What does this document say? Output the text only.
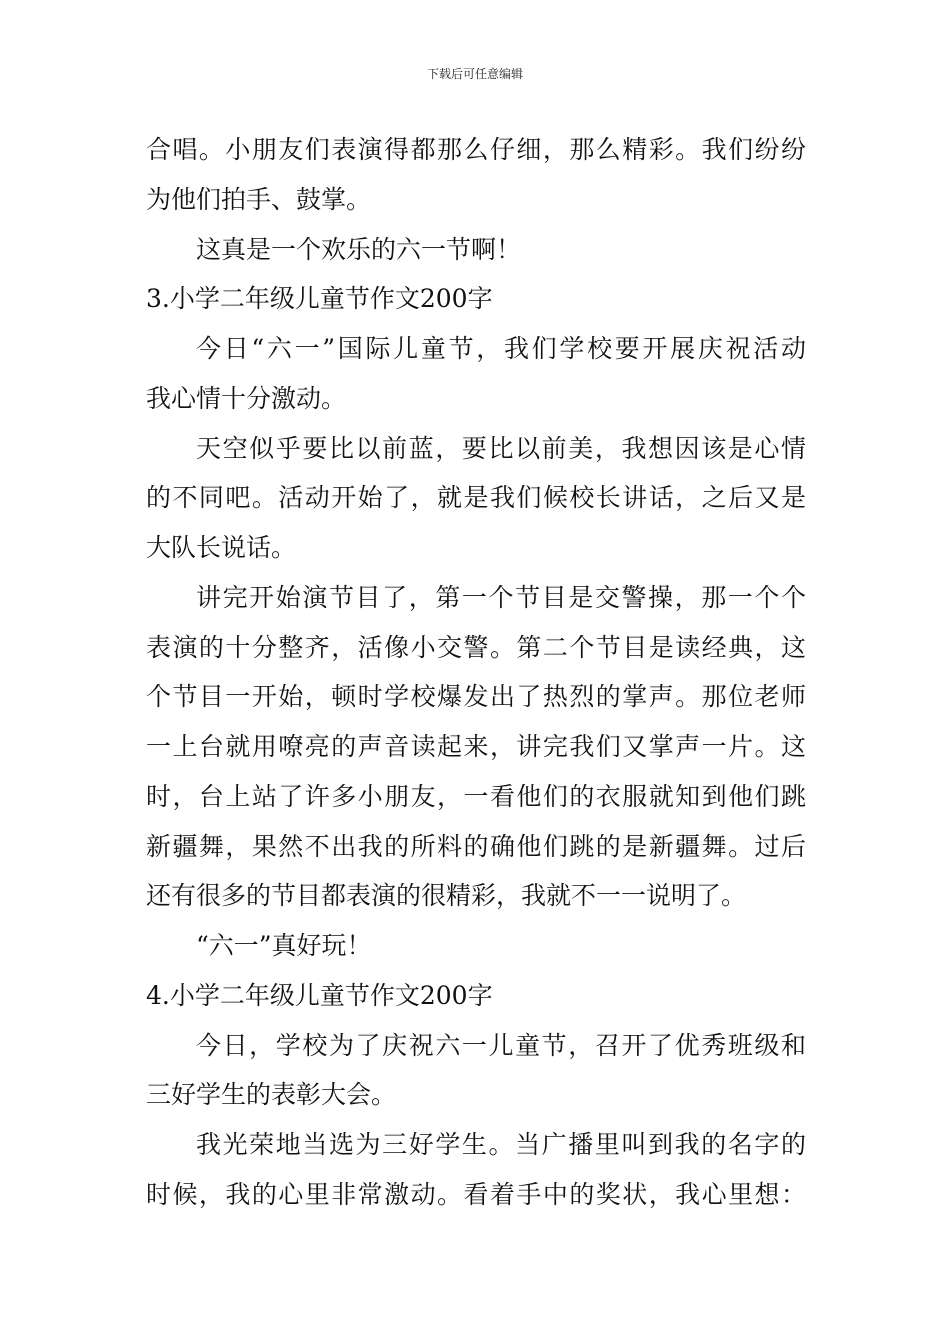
下载后可任意编辑
合唱。小朋友们表演得都那么仔细，那么精彩。我们纷纷
为他们拍手、鼓掌。
这真是一个欢乐的六一节啊！
3.小学二年级儿童节作文200字
今日“六一”国际儿童节，我们学校要开展庆祝活动
我心情十分激动。
天空似乎要比以前蓝，要比以前美，我想因该是心情
的不同吧。活动开始了，就是我们候校长讲话，之后又是
大队长说话。
讲完开始演节目了，第一个节目是交警操，那一个个
表演的十分整齐，活像小交警。第二个节目是读经典，这
个节目一开始，顿时学校爆发出了热烈的掌声。那位老师
一上台就用嘹亮的声音读起来，讲完我们又掌声一片。这
时，台上站了许多小朋友，一看他们的衣服就知到他们跳
新疆舞，果然不出我的所料的确他们跳的是新疆舞。过后
还有很多的节目都表演的很精彩，我就不一一说明了。
“六一”真好玩！
4.小学二年级儿童节作文200字
今日，学校为了庆祝六一儿童节，召开了优秀班级和
三好学生的表彰大会。
我光荣地当选为三好学生。当广播里叫到我的名字的
时候，我的心里非常激动。看着手中的奖状，我心里想：
